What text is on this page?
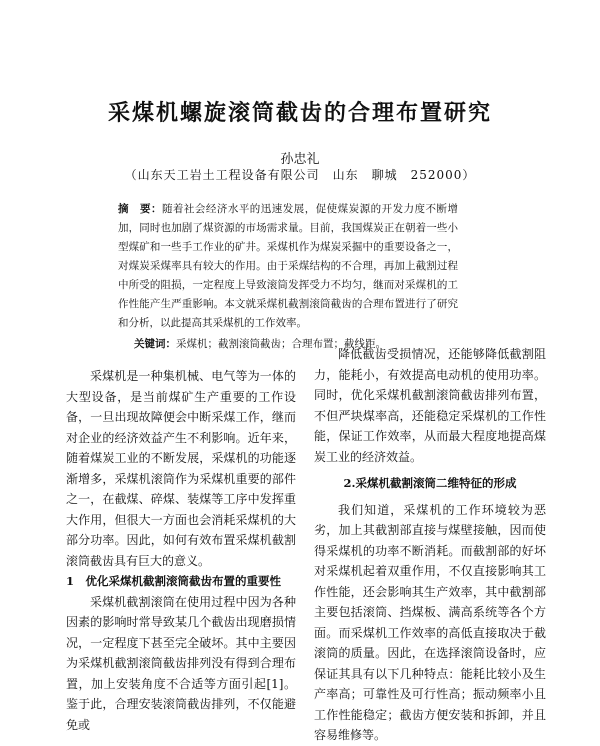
采煤机螺旋滚筒截齿的合理布置研究
孙忠礼
（山东天工岩土工程设备有限公司　山东　聊城　252000）
摘　要：随着社会经济水平的迅速发展，促使煤炭源的开发力度不断增加，同时也加剧了煤资源的市场需求量。目前，我国煤炭正在朝着一些小型煤矿和一些手工作业的矿井。采煤机作为煤炭采掘中的重要设备之一，对煤炭采煤率具有较大的作用。由于采煤结构的不合理，再加上截割过程中所受的阻损，一定程度上导致滚筒发挥受力不均匀，继而对采煤机的工作性能产生严重影响。本文就采煤机截割滚筒截齿的合理布置进行了研究和分析，以此提高其采煤机的工作效率。
关键词：采煤机；截割滚筒截齿；合理布置；截线距。

采煤机是一种集机械、电气等为一体的大型设备，是当前煤矿生产重要的工作设备，一旦出现故障便会中断采煤工作，继而对企业的经济效益产生不利影响。近年来，随着煤炭工业的不断发展，采煤机的功能逐渐增多，采煤机滚筒作为采煤机重要的部件之一，在截煤、碎煤、装煤等工序中发挥重大作用，但很大一方面也会消耗采煤机的大部分功率。因此，如何有效布置采煤机截割滚筒截齿具有巨大的意义。

1　优化采煤机截割滚筒截齿布置的重要性

采煤机截割滚筒在使用过程中因为各种因素的影响时常导致某几个截齿出现磨损情况，一定程度下甚至完全破坏。其中主要因为采煤机截割滚筒截齿排列没有得到合理布置，加上安装角度不合适等方面引起[1]。鉴于此，合理安装滚筒截齿排列，不仅能避免或

降低截齿受损情况，还能够降低截割阻力，能耗小，有效提高电动机的使用功率。同时，优化采煤机截割滚筒截齿排列布置，不但严块煤率高，还能稳定采煤机的工作性能，保证工作效率，从而最大程度地提高煤炭工业的经济效益。

2.采煤机截割滚筒二维特征的形成

我们知道，采煤机的工作环境较为恶劣，加上其截割部直接与煤壁接触，因而使得采煤机的功率不断消耗。而截割部的好坏对采煤机起着双重作用，不仅直接影响其工作性能，还会影响其生产效率，其中截割部主要包括滚筒、挡煤板、满高系统等各个方面。而采煤机工作效率的高低直接取决于截滚筒的质量。因此，在选择滚筒设备时，应保证其具有以下几种特点：能耗比较小及生产率高；可靠性及可行性高；振动频率小且工作性能稳定；截齿方便安装和拆卸，并且容易维修等。
